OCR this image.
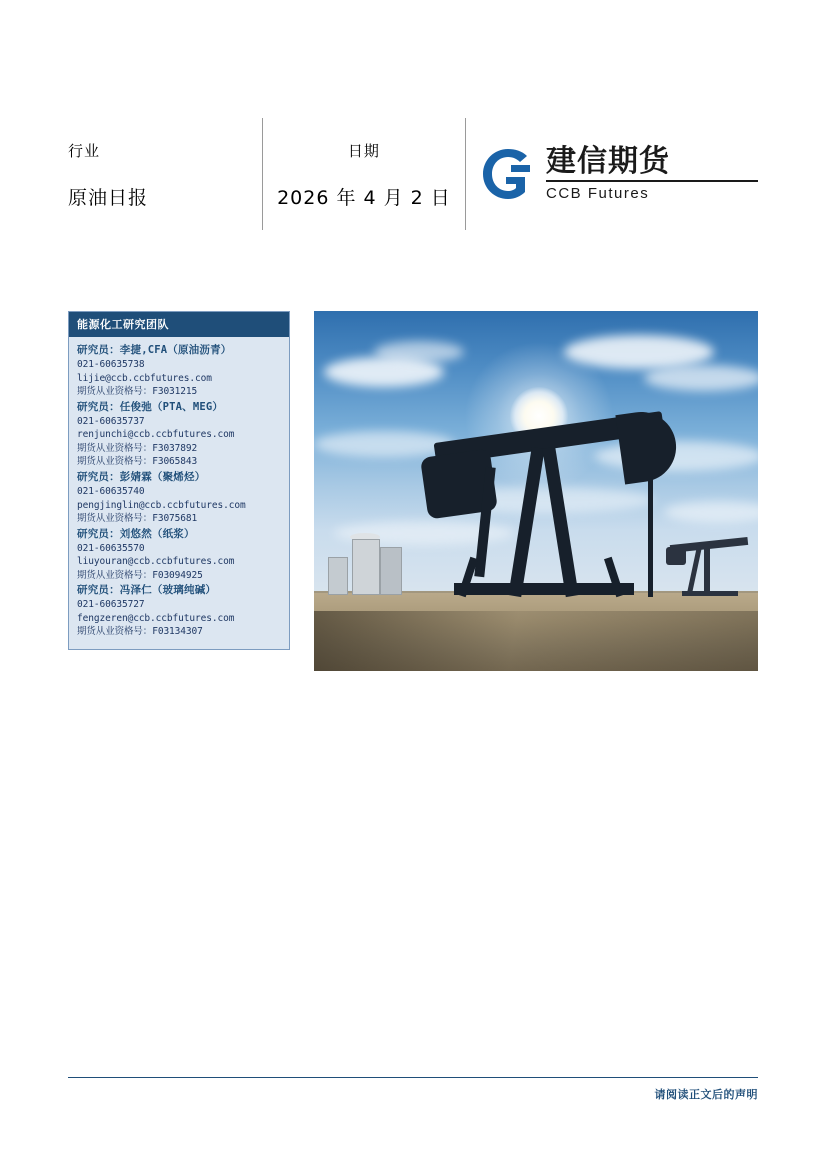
行业
原油日报
日期
2026 年 4 月 2 日
建信期货
CCB Futures
能源化工研究团队
研究员：李捷,CFA（原油沥青）
021-60635738
lijie@ccb.ccbfutures.com
期货从业资格号：F3031215
研究员：任俊弛（PTA、MEG）
021-60635737
renjunchi@ccb.ccbfutures.com
期货从业资格号：F3037892
期货从业资格号：F3065843
研究员：彭婧霖（聚烯烃）
021-60635740
pengjinglin@ccb.ccbfutures.com
期货从业资格号：F3075681
研究员：刘悠然（纸浆）
021-60635570
liuyouran@ccb.ccbfutures.com
期货从业资格号：F03094925
研究员：冯泽仁（玻璃纯碱）
021-60635727
fengzeren@ccb.ccbfutures.com
期货从业资格号：F03134307
请阅读正文后的声明
